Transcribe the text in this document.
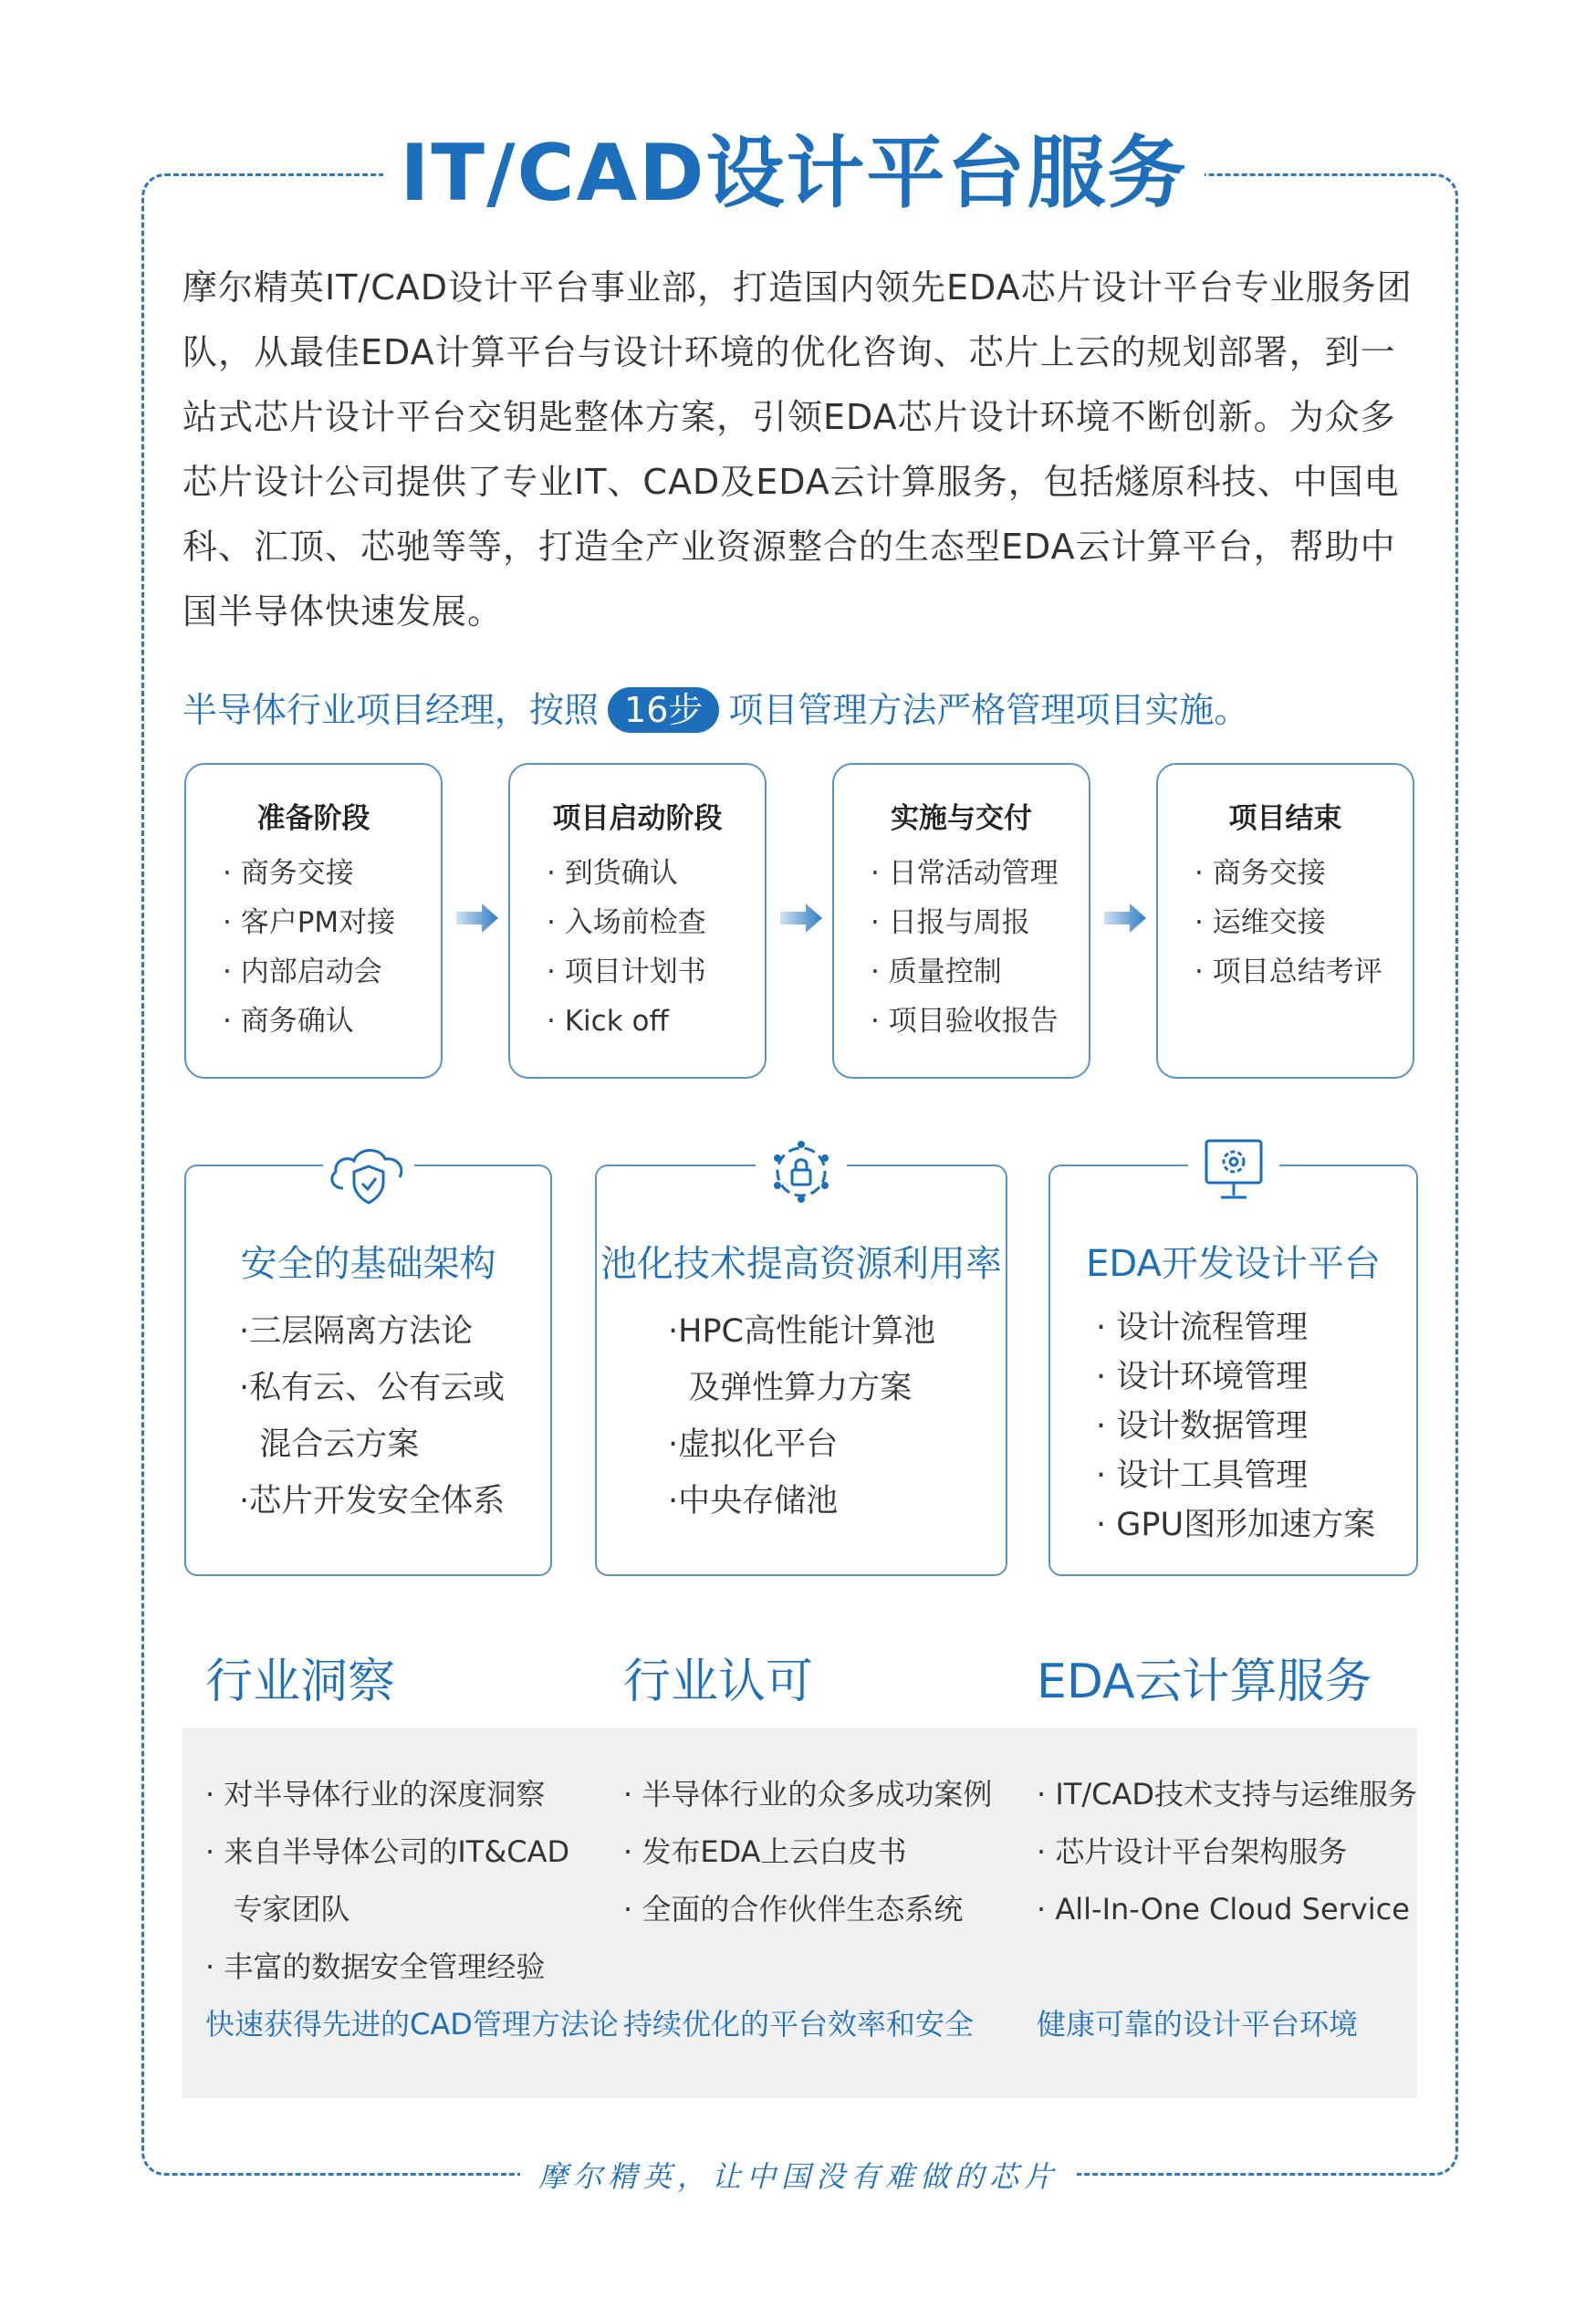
IT/CAD设计平台服务
摩尔精英IT/CAD设计平台事业部，打造国内领先EDA芯片设计平台专业服务团队，从最佳EDA计算平台与设计环境的优化咨询、芯片上云的规划部署，到一站式芯片设计平台交钥匙整体方案，引领EDA芯片设计环境不断创新。为众多芯片设计公司提供了专业IT、CAD及EDA云计算服务，包括燧原科技、中国电科、汇顶、芯驰等等，打造全产业资源整合的生态型EDA云计算平台，帮助中国半导体快速发展。
半导体行业项目经理，按照 16步 项目管理方法严格管理项目实施。
准备阶段
· 商务交接
· 客户PM对接
· 内部启动会
· 商务确认
项目启动阶段
· 到货确认
· 入场前检查
· 项目计划书
· Kick off
实施与交付
· 日常活动管理
· 日报与周报
· 质量控制
· 项目验收报告
项目结束
· 商务交接
· 运维交接
· 项目总结考评
安全的基础架构
·三层隔离方法论
·私有云、公有云或
混合云方案
·芯片开发安全体系
池化技术提高资源利用率
·HPC高性能计算池
及弹性算力方案
·虚拟化平台
·中央存储池
EDA开发设计平台
· 设计流程管理
· 设计环境管理
· 设计数据管理
· 设计工具管理
· GPU图形加速方案
行业洞察	行业认可	EDA云计算服务
· 对半导体行业的深度洞察
· 来自半导体公司的IT&CAD
专家团队
· 丰富的数据安全管理经验
· 半导体行业的众多成功案例
· 发布EDA上云白皮书
· 全面的合作伙伴生态系统
· IT/CAD技术支持与运维服务
· 芯片设计平台架构服务
· All-In-One Cloud Service
快速获得先进的CAD管理方法论 持续优化的平台效率和安全 健康可靠的设计平台环境
摩尔精英，让中国没有难做的芯片
